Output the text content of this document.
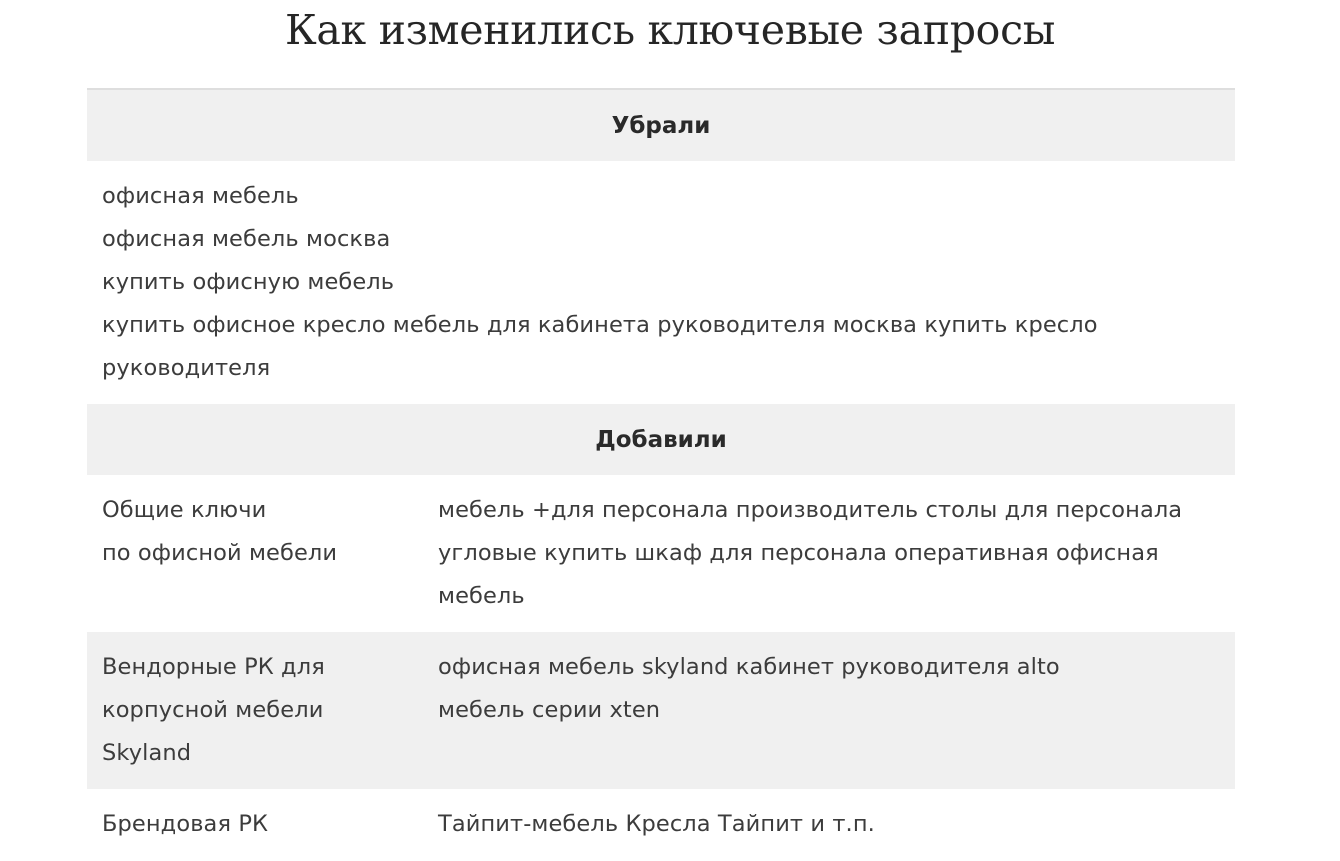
Как изменились ключевые запросы
Убрали
офисная мебель
офисная мебель москва
купить офисную мебель
купить офисное кресло мебель для кабинета руководителя москва купить кресло
руководителя
Добавили
Общие ключи
по офисной мебели
мебель +для персонала производитель столы для персонала
угловые купить шкаф для персонала оперативная офисная
мебель
Вендорные РК для
корпусной мебели
Skyland
офисная мебель skyland кабинет руководителя alto
мебель серии xten
Брендовая РК	Тайпит-мебель Кресла Тайпит и т.п.
